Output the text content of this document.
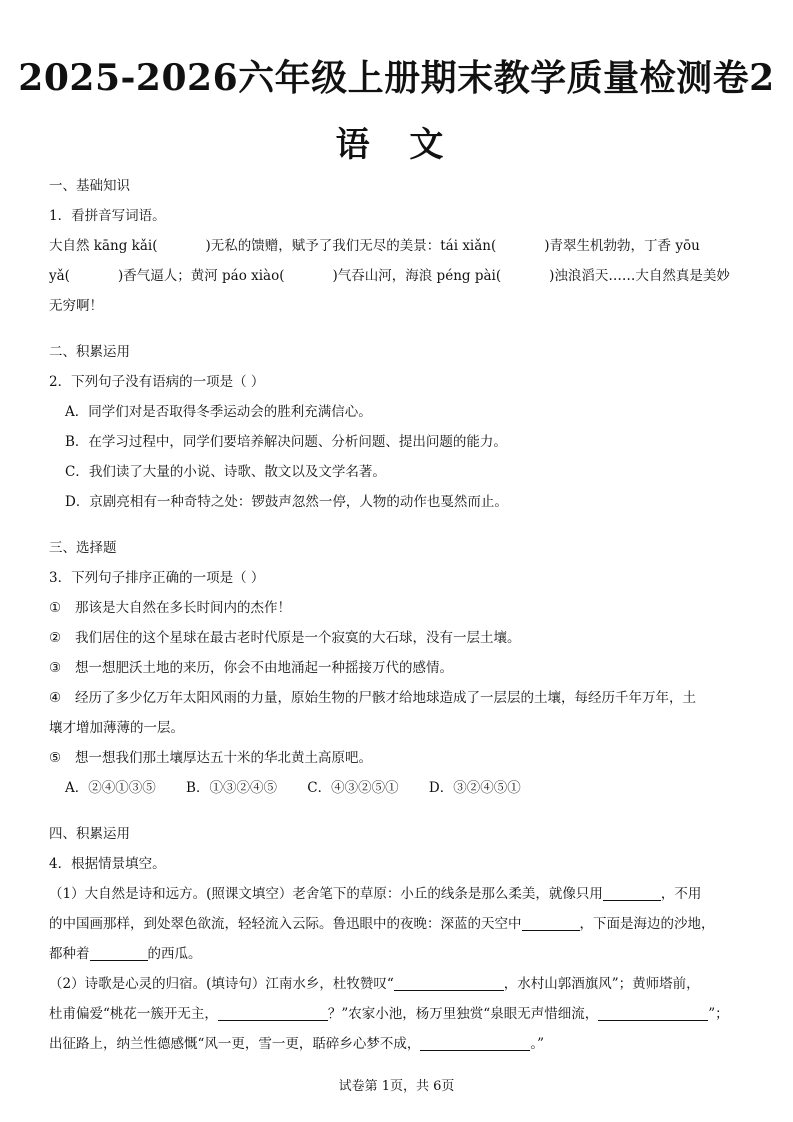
2025-2026六年级上册期末教学质量检测卷2
语 文
一、基础知识
1．看拼音写词语。
大自然 kāng kǎi(	)无私的馈赠，赋予了我们无尽的美景：tái xiǎn(	)青翠生机勃勃，丁香 yōu
yǎ(	)香气逼人；黄河 páo xiào(	)气吞山河，海浪 péng pài(	)浊浪滔天……大自然真是美妙
无穷啊！
二、积累运用
2．下列句子没有语病的一项是（ ）
A．同学们对是否取得冬季运动会的胜利充满信心。
B．在学习过程中，同学们要培养解决问题、分析问题、提出问题的能力。
C．我们读了大量的小说、诗歌、散文以及文学名著。
D．京剧亮相有一种奇特之处：锣鼓声忽然一停，人物的动作也戛然而止。
三、选择题
3．下列句子排序正确的一项是（ ）
① 那该是大自然在多长时间内的杰作！
② 我们居住的这个星球在最古老时代原是一个寂寞的大石球，没有一层土壤。
③ 想一想肥沃土地的来历，你会不由地涌起一种摇接万代的感情。
④ 经历了多少亿万年太阳风雨的力量，原始生物的尸骸才给地球造成了一层层的土壤，每经历千年万年，土
壤才增加薄薄的一层。
⑤ 想一想我们那土壤厚达五十米的华北黄土高原吧。
A．②④①③⑤ B．①③②④⑤ C．④③②⑤① D．③②④⑤①
四、积累运用
4．根据情景填空。
（1）大自然是诗和远方。(照课文填空）老舍笔下的草原：小丘的线条是那么柔美，就像只用	，不用
的中国画那样，到处翠色欲流，轻轻流入云际。鲁迅眼中的夜晚：深蓝的天空中	，下面是海边的沙地，
都种着	的西瓜。
（2）诗歌是心灵的归宿。(填诗句）江南水乡，杜牧赞叹“	，水村山郭酒旗风”；黄师塔前，
杜甫偏爱“桃花一簇开无主，	？”农家小池，杨万里独赏“泉眼无声惜细流，	”；
出征路上，纳兰性德感慨“风一更，雪一更，聒碎乡心梦不成，	。”
试卷第 1页，共 6页
